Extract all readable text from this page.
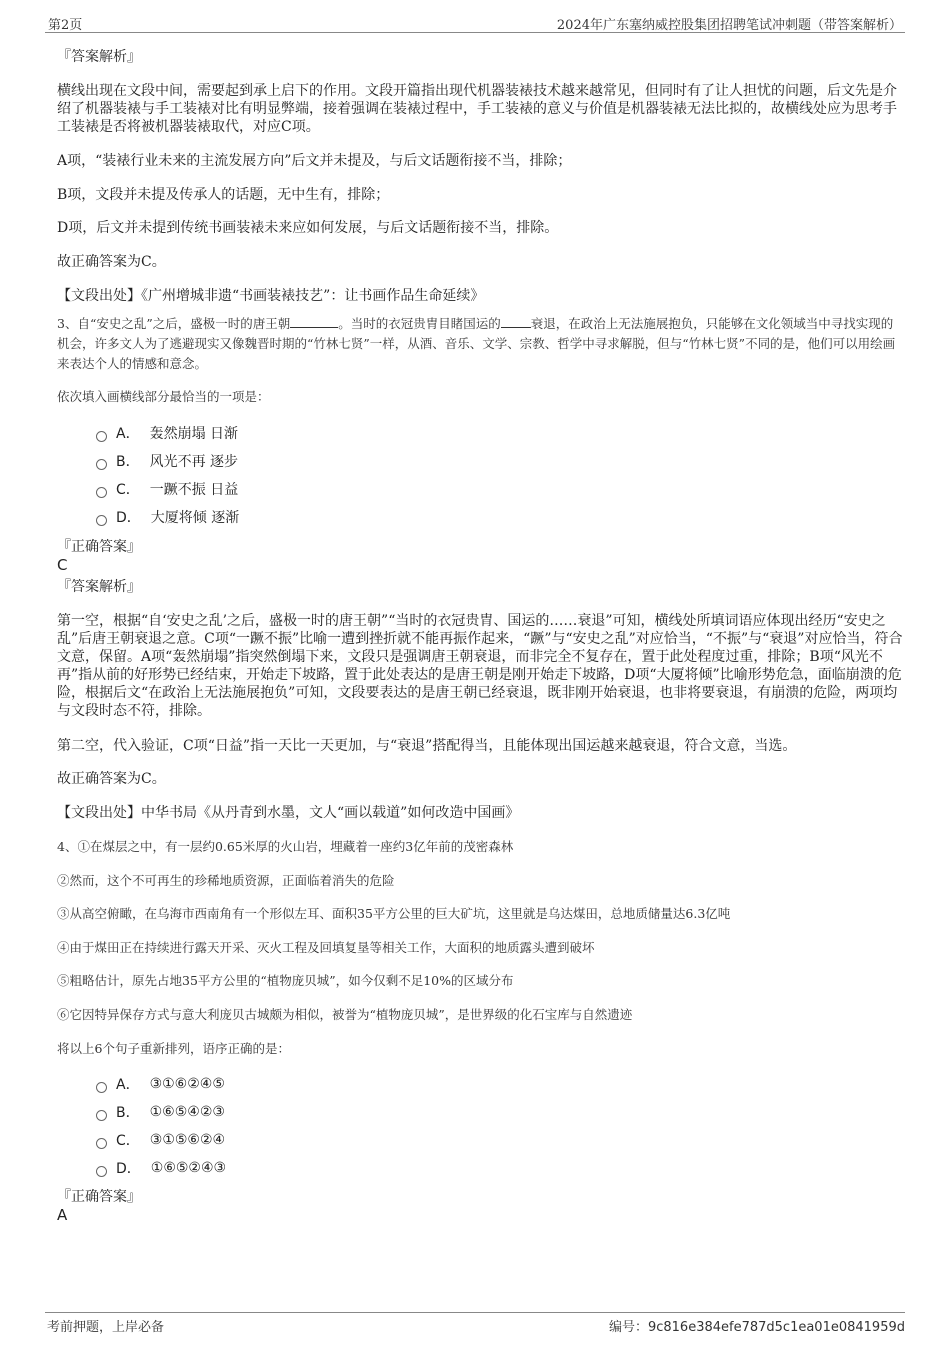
第2页	2024年广东塞纳威控股集团招聘笔试冲刺题（带答案解析）
『答案解析』
横线出现在文段中间，需要起到承上启下的作用。文段开篇指出现代机器装裱技术越来越常见，但同时有了让人担忧的问题，后文先是介绍了机器装裱与手工装裱对比有明显弊端，接着强调在装裱过程中，手工装裱的意义与价值是机器装裱无法比拟的，故横线处应为思考手工装裱是否将被机器装裱取代，对应C项。
A项，“装裱行业未来的主流发展方向”后文并未提及，与后文话题衔接不当，排除；
B项，文段并未提及传承人的话题，无中生有，排除；
D项，后文并未提到传统书画装裱未来应如何发展，与后文话题衔接不当，排除。
故正确答案为C。
【文段出处】《广州增城非遗“书画装裱技艺”：让书画作品生命延续》
3、自“安史之乱”之后，盛极一时的唐王朝	。当时的衣冠贵胄目睹国运的 衰退，在政治上无法施展抱负，只能够在文化领域当中寻找实现的机会，许多文人为了逃避现实又像魏晋时期的“竹林七贤”一样，从酒、音乐、文学、宗教、哲学中寻求解脱，但与“竹林七贤”不同的是，他们可以用绘画来表达个人的情感和意念。
依次填入画横线部分最恰当的一项是：
A． 轰然崩塌 日渐
B． 风光不再 逐步
C． 一蹶不振 日益
D． 大厦将倾 逐渐
『正确答案』
C
『答案解析』
第一空，根据“自‘安史之乱’之后，盛极一时的唐王朝”“当时的衣冠贵胄、国运的……衰退”可知，横线处所填词语应体现出经历“安史之乱”后唐王朝衰退之意。C项“一蹶不振”比喻一遭到挫折就不能再振作起来，“蹶”与“安史之乱”对应恰当，“不振”与“衰退”对应恰当，符合文意，保留。A项“轰然崩塌”指突然倒塌下来，文段只是强调唐王朝衰退，而非完全不复存在，置于此处程度过重，排除；B项“风光不再”指从前的好形势已经结束，开始走下坡路，置于此处表达的是唐王朝是刚开始走下坡路，D项“大厦将倾”比喻形势危急，面临崩溃的危险，根据后文“在政治上无法施展抱负”可知，文段要表达的是唐王朝已经衰退，既非刚开始衰退，也非将要衰退，有崩溃的危险，两项均与文段时态不符，排除。
第二空，代入验证，C项“日益”指一天比一天更加，与“衰退”搭配得当，且能体现出国运越来越衰退，符合文意，当选。
故正确答案为C。
【文段出处】中华书局《从丹青到水墨，文人“画以载道”如何改造中国画》
4、①在煤层之中，有一层约0.65米厚的火山岩，埋藏着一座约3亿年前的茂密森林
②然而，这个不可再生的珍稀地质资源，正面临着消失的危险
③从高空俯瞰，在乌海市西南角有一个形似左耳、面积35平方公里的巨大矿坑，这里就是乌达煤田，总地质储量达6.3亿吨
④由于煤田正在持续进行露天开采、灭火工程及回填复垦等相关工作，大面积的地质露头遭到破坏
⑤粗略估计，原先占地35平方公里的“植物庞贝城”，如今仅剩不足10%的区域分布
⑥它因特异保存方式与意大利庞贝古城颇为相似，被誉为“植物庞贝城”，是世界级的化石宝库与自然遗迹
将以上6个句子重新排列，语序正确的是：
A． ③①⑥②④⑤
B． ①⑥⑤④②③
C． ③①⑤⑥②④
D． ①⑥⑤②④③
『正确答案』
A
考前押题，上岸必备	编号：9c816e384efe787d5c1ea01e0841959d
